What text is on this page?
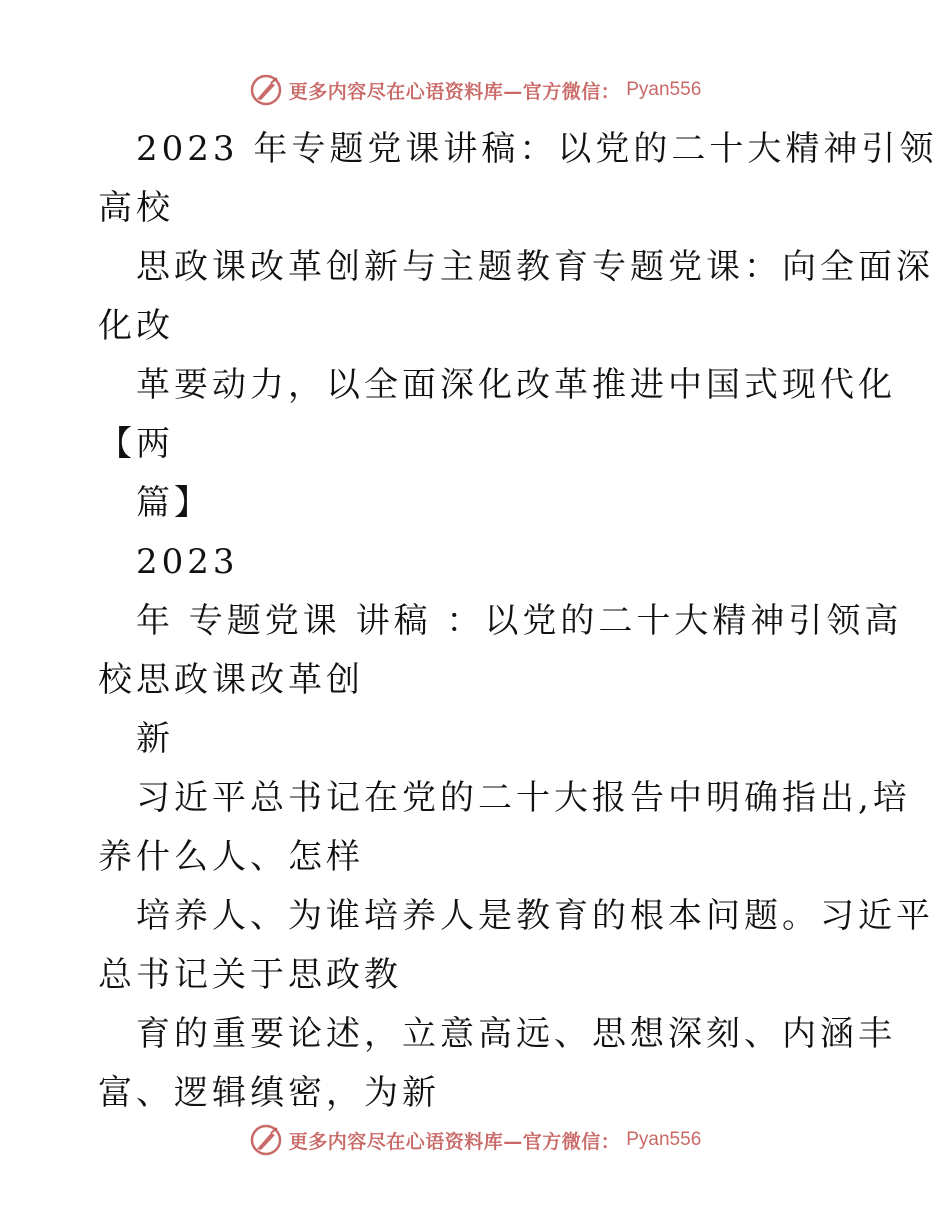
更多内容尽在心语资料库—官方微信： Pyan556
2023 年专题党课讲稿：以党的二十大精神引领
高校
思政课改革创新与主题教育专题党课：向全面深
化改
革要动力，以全面深化改革推进中国式现代化
【两
篇】
2023
年 专题党课 讲稿 ：以党的二十大精神引领高
校思政课改革创
新
习近平总书记在党的二十大报告中明确指出,培
养什么人、怎样
培养人、为谁培养人是教育的根本问题。习近平
总书记关于思政教
育的重要论述，立意高远、思想深刻、内涵丰
富、逻辑缜密，为新
更多内容尽在心语资料库—官方微信： Pyan556
